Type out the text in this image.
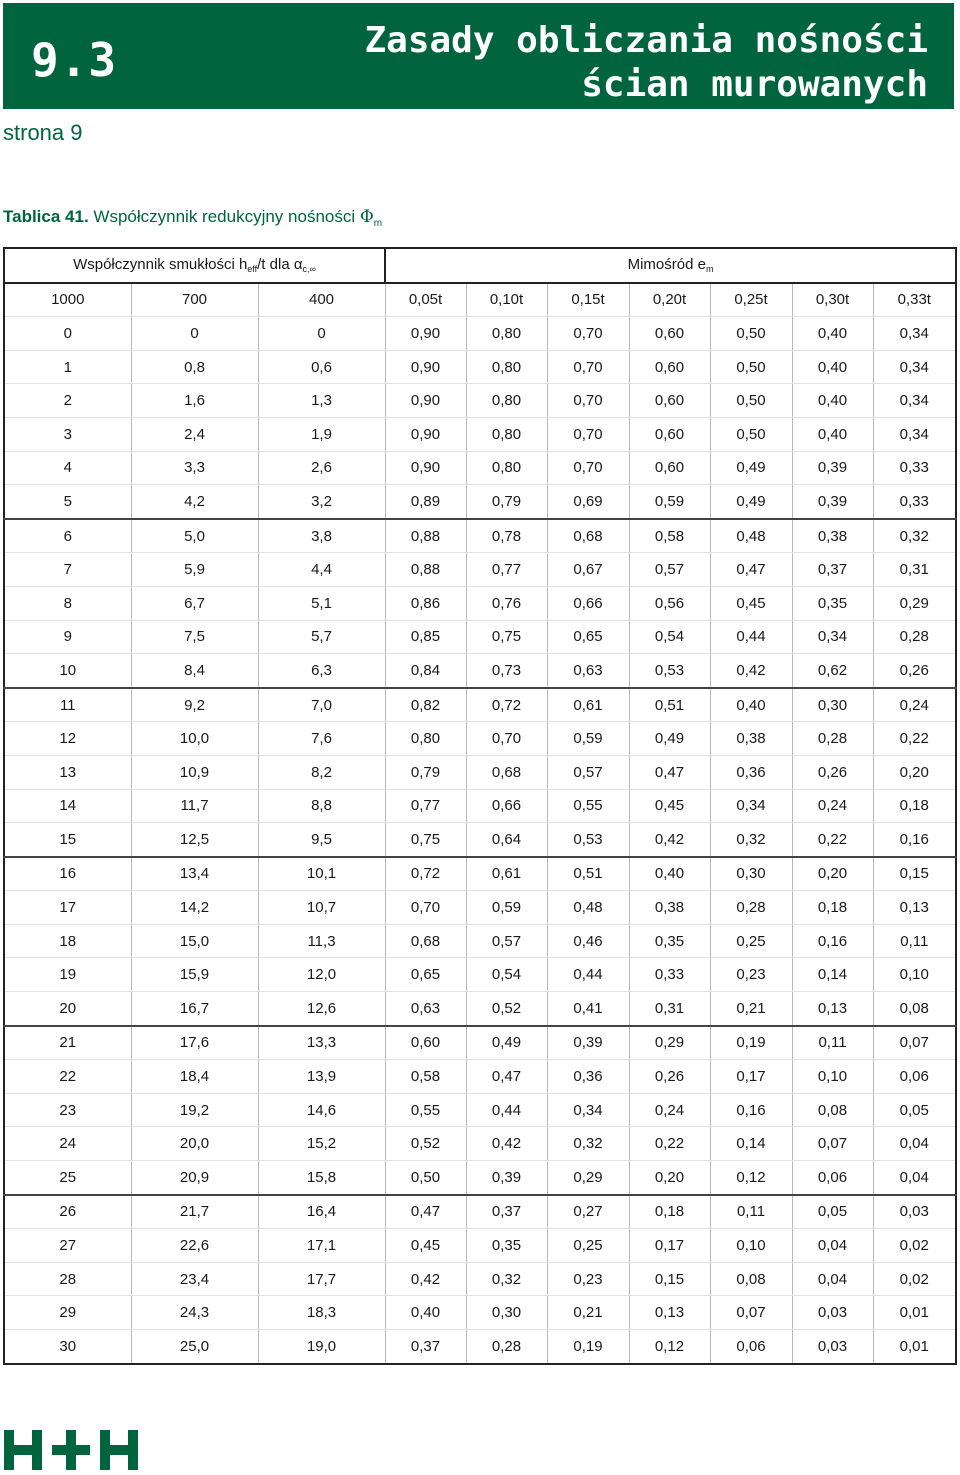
9.3	Zasady obliczania nośności
ścian murowanych
strona 9
Tablica 41. Współczynnik redukcyjny nośności $\Phi_m$
Współczynnik smukłości $h_{eff}/t$ dla $\alpha_{c,\infty}$			Mimośród $e_m$
1000	700	400	0,05t	0,10t	0,15t	0,20t	0,25t	0,30t	0,33t
0	0	0	0,90	0,80	0,70	0,60	0,50	0,40	0,34
1	0,8	0,6	0,90	0,80	0,70	0,60	0,50	0,40	0,34
2	1,6	1,3	0,90	0,80	0,70	0,60	0,50	0,40	0,34
3	2,4	1,9	0,90	0,80	0,70	0,60	0,50	0,40	0,34
4	3,3	2,6	0,90	0,80	0,70	0,60	0,49	0,39	0,33
5	4,2	3,2	0,89	0,79	0,69	0,59	0,49	0,39	0,33
6	5,0	3,8	0,88	0,78	0,68	0,58	0,48	0,38	0,32
7	5,9	4,4	0,88	0,77	0,67	0,57	0,47	0,37	0,31
8	6,7	5,1	0,86	0,76	0,66	0,56	0,45	0,35	0,29
9	7,5	5,7	0,85	0,75	0,65	0,54	0,44	0,34	0,28
10	8,4	6,3	0,84	0,73	0,63	0,53	0,42	0,62	0,26
11	9,2	7,0	0,82	0,72	0,61	0,51	0,40	0,30	0,24
12	10,0	7,6	0,80	0,70	0,59	0,49	0,38	0,28	0,22
13	10,9	8,2	0,79	0,68	0,57	0,47	0,36	0,26	0,20
14	11,7	8,8	0,77	0,66	0,55	0,45	0,34	0,24	0,18
15	12,5	9,5	0,75	0,64	0,53	0,42	0,32	0,22	0,16
16	13,4	10,1	0,72	0,61	0,51	0,40	0,30	0,20	0,15
17	14,2	10,7	0,70	0,59	0,48	0,38	0,28	0,18	0,13
18	15,0	11,3	0,68	0,57	0,46	0,35	0,25	0,16	0,11
19	15,9	12,0	0,65	0,54	0,44	0,33	0,23	0,14	0,10
20	16,7	12,6	0,63	0,52	0,41	0,31	0,21	0,13	0,08
21	17,6	13,3	0,60	0,49	0,39	0,29	0,19	0,11	0,07
22	18,4	13,9	0,58	0,47	0,36	0,26	0,17	0,10	0,06
23	19,2	14,6	0,55	0,44	0,34	0,24	0,16	0,08	0,05
24	20,0	15,2	0,52	0,42	0,32	0,22	0,14	0,07	0,04
25	20,9	15,8	0,50	0,39	0,29	0,20	0,12	0,06	0,04
26	21,7	16,4	0,47	0,37	0,27	0,18	0,11	0,05	0,03
27	22,6	17,1	0,45	0,35	0,25	0,17	0,10	0,04	0,02
28	23,4	17,7	0,42	0,32	0,23	0,15	0,08	0,04	0,02
29	24,3	18,3	0,40	0,30	0,21	0,13	0,07	0,03	0,01
30	25,0	19,0	0,37	0,28	0,19	0,12	0,06	0,03	0,01
